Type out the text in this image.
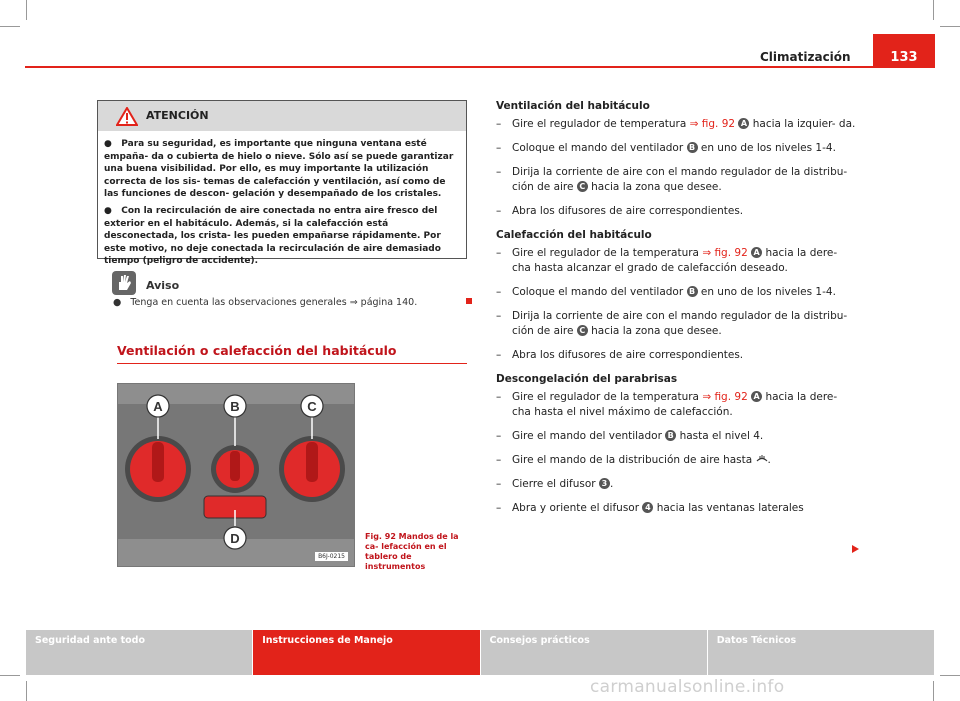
Climatización	133
ATENCIÓN

●   Para su seguridad, es importante que ninguna ventana esté empaña- da o cubierta de hielo o nieve. Sólo así se puede garantizar una buena visibilidad. Por ello, es muy importante la utilización correcta de los sis- temas de calefacción y ventilación, así como de las funciones de descon- gelación y desempañado de los cristales.

●   Con la recirculación de aire conectada no entra aire fresco del exterior en el habitáculo. Además, si la calefacción está desconectada, los crista- les pueden empañarse rápidamente. Por este motivo, no deje conectada la recirculación de aire demasiado tiempo (peligro de accidente).

Aviso
●   Tenga en cuenta las observaciones generales ⇒ página 140.
Ventilación o calefacción del habitáculo
A	B	C
D
B6J-0215
Fig. 92 Mandos de la ca- lefacción en el tablero de instrumentos
Ventilación del habitáculo
– Gire el regulador de temperatura ⇒ fig. 92 A hacia la izquier- da.
– Coloque el mando del ventilador B en uno de los niveles 1-4.
– Dirija la corriente de aire con el mando regulador de la distribu- ción de aire C hacia la zona que desee.
– Abra los difusores de aire correspondientes.
Calefacción del habitáculo
– Gire el regulador de la temperatura ⇒ fig. 92 A hacia la dere- cha hasta alcanzar el grado de calefacción deseado.
– Coloque el mando del ventilador B en uno de los niveles 1-4.
– Dirija la corriente de aire con el mando regulador de la distribu- ción de aire C hacia la zona que desee.
– Abra los difusores de aire correspondientes.
Descongelación del parabrisas
– Gire el regulador de la temperatura ⇒ fig. 92 A hacia la dere- cha hasta el nivel máximo de calefacción.
– Gire el mando del ventilador B hasta el nivel 4.
– Gire el mando de la distribución de aire hasta .
– Cierre el difusor 3 .
– Abra y oriente el difusor 4 hacia las ventanas laterales
Seguridad ante todo	Instrucciones de Manejo	Consejos prácticos	Datos Técnicos
carmanualsonline.info
